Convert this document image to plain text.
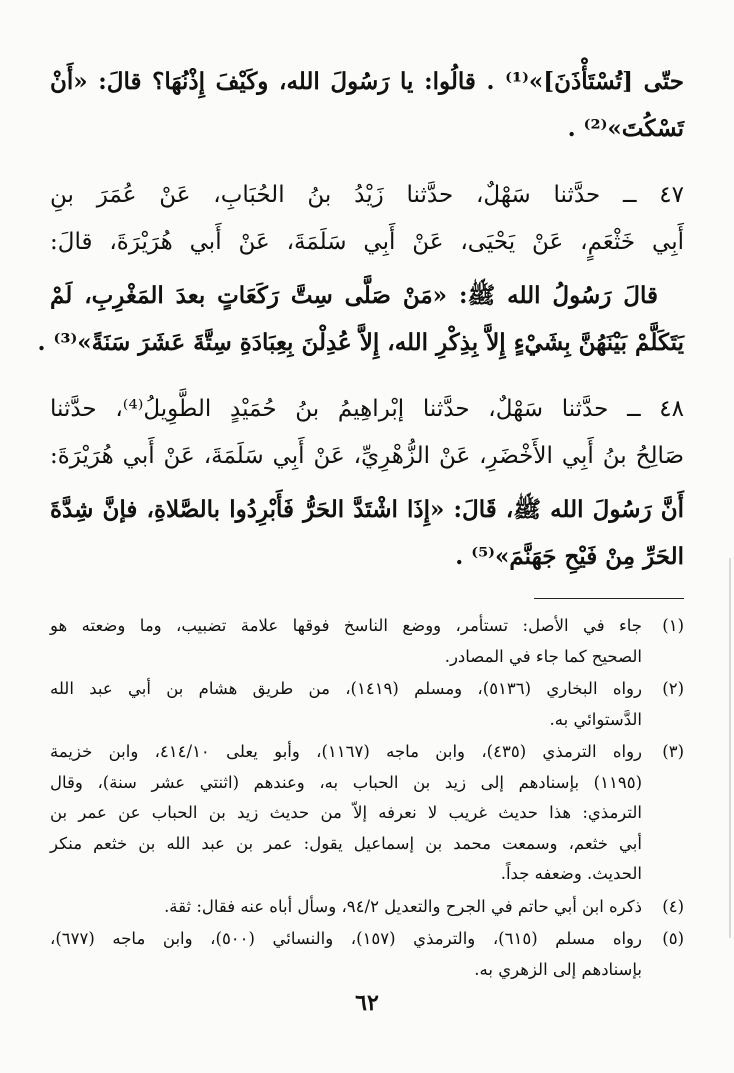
حتّى [تُسْتَأْذَنَ]»⁽¹⁾ . قالُوا: يا رَسُولَ الله، وكَيْفَ إِذْنُهَا؟ قالَ: «أَنْ
تَسْكُتَ»⁽²⁾ .
٤٧ ــ حدَّثنا سَهْلٌ، حدَّثنا زَيْدُ بنُ الحُبَابِ، عَنْ عُمَرَ بنِ
أَبِي خَثْعَمٍ، عَنْ يَحْيَى، عَنْ أَبِي سَلَمَةَ، عَنْ أَبي هُرَيْرَةَ، قالَ:
قالَ رَسُولُ الله ﷺ: «مَنْ صَلَّى سِتَّ رَكَعَاتٍ بعدَ المَغْرِبِ، لَمْ
يَتَكَلَّمْ بَيْنَهُنَّ بِشَيْءٍ إِلاَّ بِذِكْرِ الله، إِلاَّ عُدِلْنَ بِعِبَادَةِ سِتَّةَ عَشَرَ سَنَةً»⁽³⁾ .
٤٨ ــ حدَّثنا سَهْلٌ، حدَّثنا إبْراهِيمُ بنُ حُمَيْدٍ الطَّوِيلُ⁽⁴⁾، حدَّثنا
صَالِحُ بنُ أَبِي الأَخْضَرِ، عَنْ الزُّهْرِيِّ، عَنْ أَبِي سَلَمَةَ، عَنْ أَبي هُرَيْرَةَ:
أَنَّ رَسُولَ الله ﷺ، قَالَ: «إِذَا اشْتَدَّ الحَرُّ فَأَبْرِدُوا بالصَّلاةِ، فإنَّ شِدَّةَ
الحَرِّ مِنْ فَيْحِ جَهَنَّمَ»⁽⁵⁾ .
(١)
جاء في الأصل: تستأمر، ووضع الناسخ فوقها علامة تضبيب، وما وضعته هو
الصحيح كما جاء في المصادر.
(٢)
رواه البخاري (٥١٣٦)، ومسلم (١٤١٩)، من طريق هشام بن أبي عبد الله
الدَّستوائي به.
(٣)
رواه الترمذي (٤٣٥)، وابن ماجه (١١٦٧)، وأبو يعلى ٤١٤/١٠، وابن خزيمة
(١١٩٥) بإسنادهم إلى زيد بن الحباب به، وعندهم (اثنتي عشر سنة)، وقال
الترمذي: هذا حديث غريب لا نعرفه إلاّ من حديث زيد بن الحباب عن عمر بن
أبي خثعم، وسمعت محمد بن إسماعيل يقول: عمر بن عبد الله بن خثعم منكر
الحديث. وضعفه جداً.
(٤)
ذكره ابن أبي حاتم في الجرح والتعديل ٩٤/٢، وسأل أباه عنه فقال: ثقة.
(٥)
رواه مسلم (٦١٥)، والترمذي (١٥٧)، والنسائي (٥٠٠)، وابن ماجه (٦٧٧)،
بإسنادهم إلى الزهري به.
٦٢
